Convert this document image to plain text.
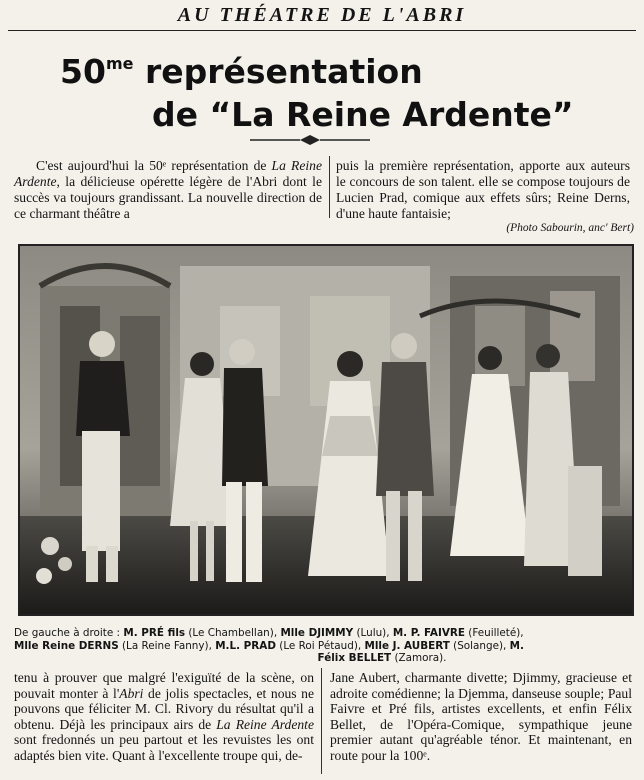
AU THÉATRE DE L'ABRI
$50^{me}$ représentation
de “La Reine Ardente”

C'est aujourd'hui la 50ᵉ représentation de La Reine Ardente, la délicieuse opérette légère de l'Abri dont le succès va toujours grandissant. La nouvelle direction de ce charmant théâtre a

puis la première représentation, apporte aux auteurs le concours de son talent. elle se compose toujours de Lucien Prad, comique aux effets sûrs; Reine Derns, d'une haute fantaisie;

(Photo Sabourin, anc' Bert)
De gauche à droite : M. PRÉ fils (Le Chambellan), Mlle DJIMMY (Lulu), M. P. FAIVRE (Feuilleté),
Mlle Reine DERNS (La Reine Fanny), M.L. PRAD (Le Roi Pétaud), Mlle J. AUBERT (Solange), M.
Félix BELLET (Zamora).

tenu à prouver que malgré l'exiguïté de la scène, on pouvait monter à l'Abri de jolis spectacles, et nous ne pouvons que féliciter M. Cl. Rivory du résultat qu'il a obtenu. Déjà les principaux airs de La Reine Ardente sont fredonnés un peu partout et les revuistes les ont adaptés bien vite. Quant à l'excellente troupe qui, de-

Jane Aubert, charmante divette; Djimmy, gracieuse et adroite comédienne; la Djemma, danseuse souple; Paul Faivre et Pré fils, artistes excellents, et enfin Félix Bellet, de l'Opéra-Comique, sympathique jeune premier autant qu'agréable ténor. Et maintenant, en route pour la 100ᵉ.
